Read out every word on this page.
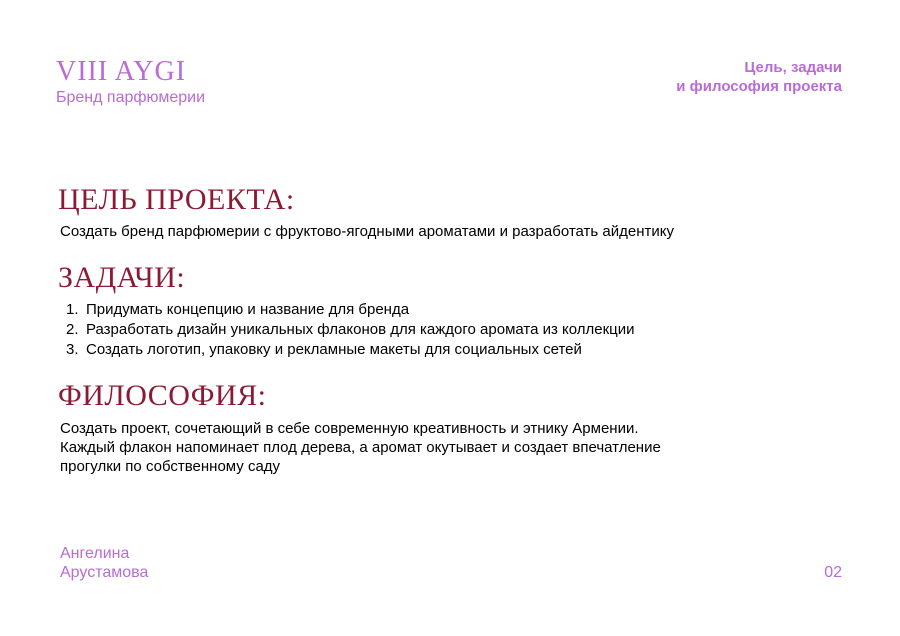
VIII AYGI
Бренд парфюмерии
Цель, задачи
и философия проекта
ЦЕЛЬ ПРОЕКТА:

Создать бренд парфюмерии с фруктово-ягодными ароматами и разработать айдентику

ЗАДАЧИ:
1. Придумать концепцию и название для бренда
2. Разработать дизайн уникальных флаконов для каждого аромата из коллекции
3. Создать логотип, упаковку и рекламные макеты для социальных сетей
ФИЛОСОФИЯ:
Создать проект, сочетающий в себе современную креативность и этнику Армении.
Каждый флакон напоминает плод дерева, а аромат окутывает и создает впечатление
прогулки по собственному саду
Ангелина
Арустамова	02
